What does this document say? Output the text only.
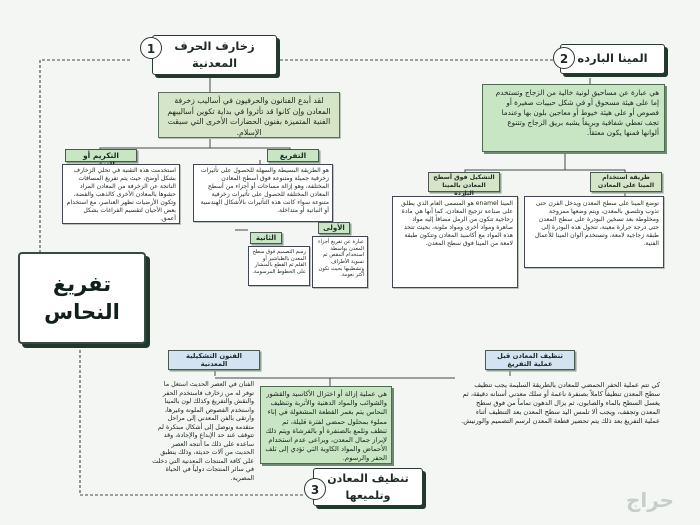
تفريغ
النحاس
زخارف الحرف
المعدنية
1
لقد أبدع الفنانون والحرفيون في أساليب زخرفة المعادن وإن كانوا قد تأثروا في بداية تكوين أساليبهم الفنية المتميزة بفنون الحضارات الأخرى التي سبقت الإسلام.
التكريم أو
استخدمت هذه التقنية في تحلي الزخارف بشكل أوضح، حيث يتم تفريغ المسافات الناتجة عن الزخرفة من المعادن المراد حشوها بالمعادن الأخرى كالذهب والفضة، وتكون الأرضيات تظهر العناصر، مع استخدام بعض الأحيان لتقسيم الفراغات بشكل أعمق.
التفريغ
هو الطريقة البسيطة والسهلة للحصول على تأثيرات زخرفية جميلة ومتنوعة فوق أسطح المعادن المختلفة، وهو إزالة مساحات أو أجزاء من أسطح المعادن المختلفة للحصول على تأثيرات زخرفية متنوعة سواء كانت هذه التأثيرات بالأشكال الهندسية أو النباتية أو متداخلة.
الثانية
رسم التصميم فوق سطح المعدن بالطباشير أو القلم ثم القطع بالمنشار على الخطوط المرسومة.
الأولى
عبارة عن تفريغ أجزاء المعدن بواسطة استخدام المقص ثم تسوية الأطراف وتشطيبها بحيث تكون أكثر نعومة.
المينا البارده
2
هي عبارة عن مساحيق لونية خالية من الزجاج وتستخدم إما على هيئة مسحوق أو في شكل حبيبات صغيرة أو فصوص أو على هيئة خيوط أو معاجين بلون بها وعندما تجف تعطي شفافية وبريقاً يشبه بريق الزجاج وتتنوع ألوانها فمنها يكون معتقاً.
التشكيل فوق أسطح المعادن بالمينا البارده
المينا enamel هو المسمى العام الذي يطلق على صناعة تزجيج المعادن، كما أنها هي مادة زجاجية تتكون من الرمل مضافاً إليه مواد صاهرة ومواد أخرى ومواد ملونة، بحيث تتحد هذه المواد مع أكاسيد المعادن وتتكون طبقة لامعة من المينا فوق سطح المعدن.
طريقة استخدام المينا على المعادن
توضع المينا على سطح المعدن ويدخل الفرن حتى تذوب وتلتصق بالمعدن، ويتم وضعها ممزوجة ومخلوطة بعد تسخين البودرة على سطح المعدن حتى درجة حرارة معينة، تتحول هذه البودرة إلى طبقة زجاجية لامعة، وتستخدم ألوان المينا للأعمال الفنية.
تنظيف المعادن
وتلميعها
3
هي عملية إزالة أو اختزال الأكاسيد والقشور والشوائب والمواد الدهنية والأتربة وتنظيف النحاس يتم بغمر القطعة المشغولة في إناء مملوء بمحلول حمضي لفترة قليلة، ثم تنظف وتلمع بالصنفرة أو بالفرشاة ويتم ذلك لإبراز جمال المعدن، ويراعى عدم استخدام الأحماض والمواد الكاوية التي تؤدي إلى تلف الحفر والرسوم.
الفنون التشكيلية المعدنية
الفنان في العصر الحديث استغل ما توفر له من زخارف فاستخدم الحفر والنقش والتفريغ وكذلك لون بالمينا واستخدم الفصوص الملونة وغيرها، وارتقى بالفن المعدني إلى مراحل متقدمة ونوصل إلى أشكال مبتكرة لم تتوقف عند حد الإبداع والإجادة، وقد ساعده على ذلك ما أنتجه العصر الحديث من آلات حديثة، وذلك ينطبق على كافة المنتجات المعدنية التي دخلت في سائر المنتجات دولياً في الحياة المصرية.
تنظيف المعادن قبل عملية التفريغ
كي تتم عملية الحفر الحمضي للمعادن بالطريقة السليمة يجب تنظيف سطح المعدن تنظيفاً كاملاً بصنفرة ناعمة أو سلك معدني أسنانه دقيقة، ثم يغسل السطح بالماء والصابون، ثم يزال الدهون تماماً من فوق سطح المعدن وتجفف، ويجب ألا تلمس اليد سطح المعدن بعد التنظيف أثناء عملية التفريغ بعد ذلك يتم تحضير قطعة المعدن لرسم التصميم والورنيش.
حراج
